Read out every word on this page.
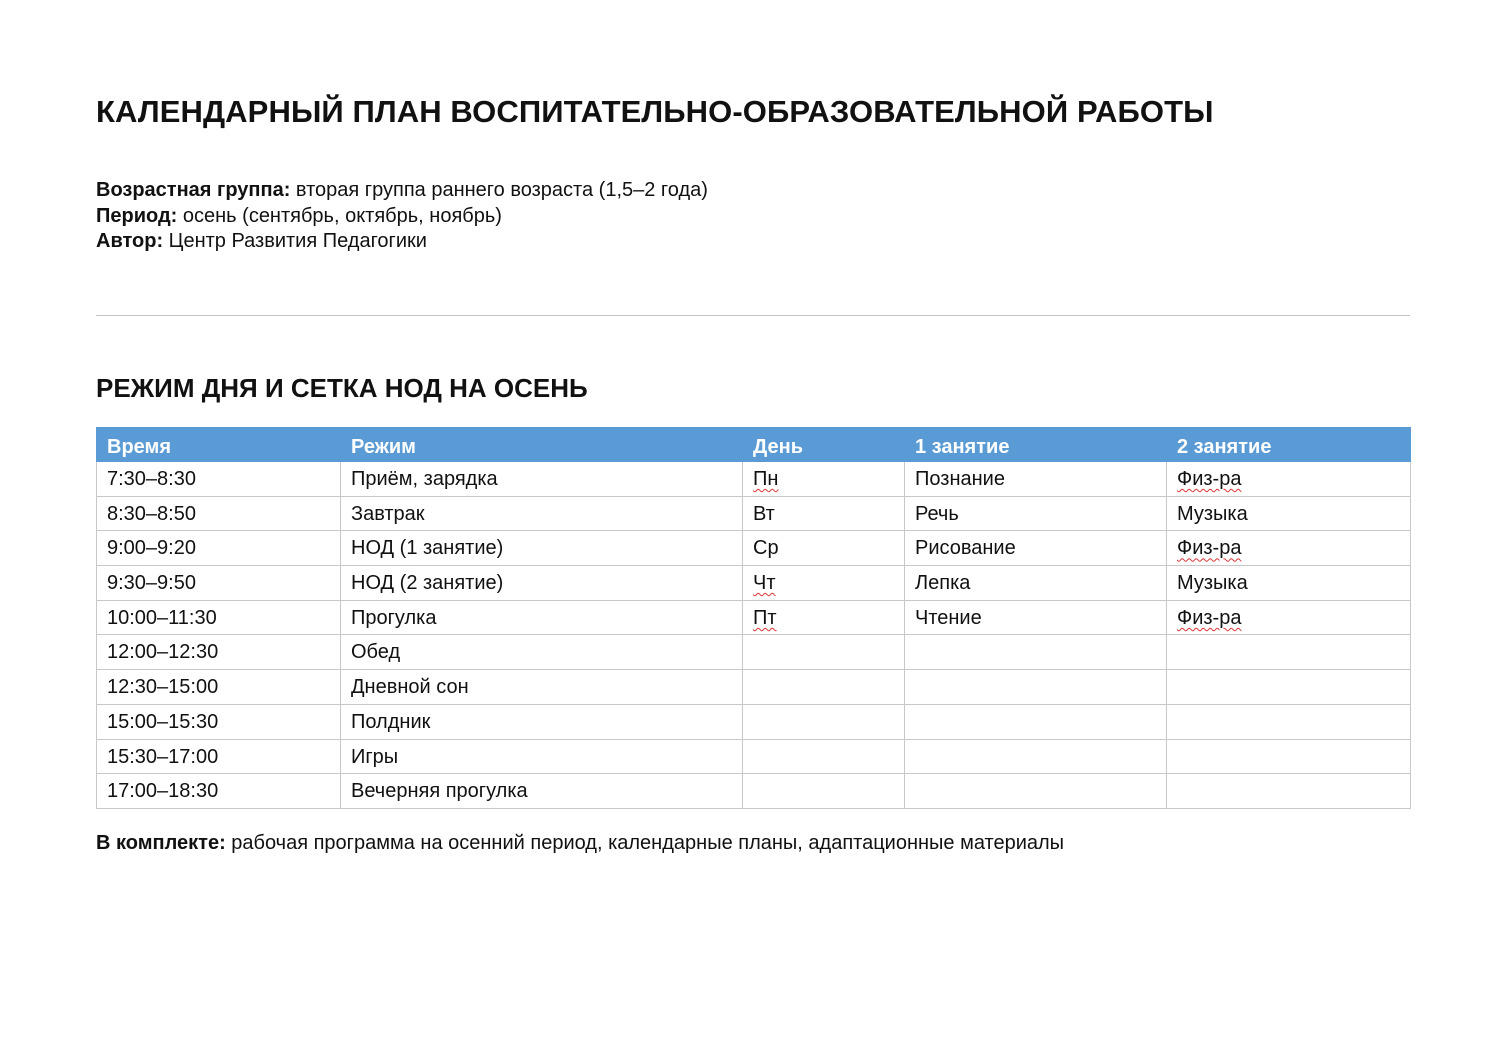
КАЛЕНДАРНЫЙ ПЛАН ВОСПИТАТЕЛЬНО-ОБРАЗОВАТЕЛЬНОЙ РАБОТЫ
Возрастная группа: вторая группа раннего возраста (1,5–2 года)
Период: осень (сентябрь, октябрь, ноябрь)
Автор: Центр Развития Педагогики
РЕЖИМ ДНЯ И СЕТКА НОД НА ОСЕНЬ
Время	Режим	День	1 занятие	2 занятие
7:30–8:30	Приём, зарядка	Пн	Познание	Физ-ра
8:30–8:50	Завтрак	Вт	Речь	Музыка
9:00–9:20	НОД (1 занятие)	Ср	Рисование	Физ-ра
9:30–9:50	НОД (2 занятие)	Чт	Лепка	Музыка
10:00–11:30	Прогулка	Пт	Чтение	Физ-ра
12:00–12:30	Обед			
12:30–15:00	Дневной сон			
15:00–15:30	Полдник			
15:30–17:00	Игры			
17:00–18:30	Вечерняя прогулка			
В комплекте: рабочая программа на осенний период, календарные планы, адаптационные материалы
